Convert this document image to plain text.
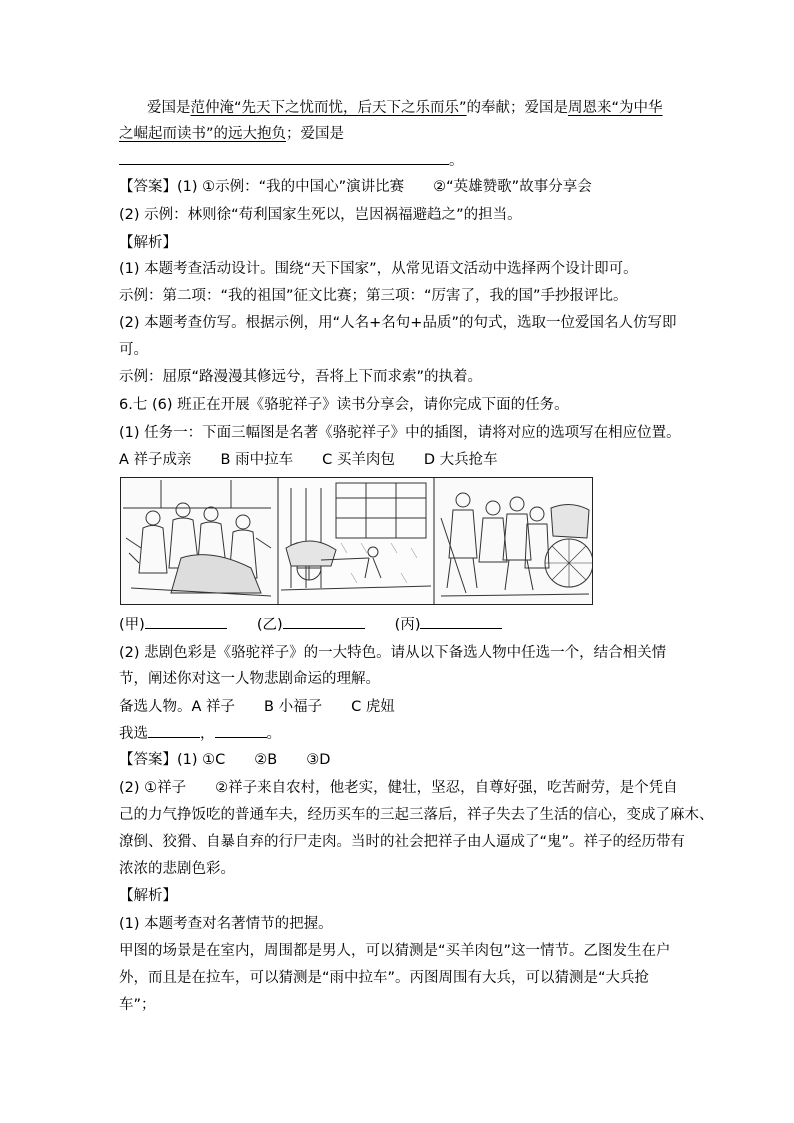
爱国是范仲淹“先天下之忧而忧，后天下之乐而乐”的奉献；爱国是周恩来“为中华
之崛起而读书”的远大抱负；爱国是
。
【答案】(1) ①示例：“我的中国心”演讲比赛　　②“英雄赞歌”故事分享会
(2) 示例：林则徐“苟利国家生死以，岂因祸福避趋之”的担当。
【解析】
(1) 本题考查活动设计。围绕“天下国家”，从常见语文活动中选择两个设计即可。
示例：第二项：“我的祖国”征文比赛；第三项：“厉害了，我的国”手抄报评比。
(2) 本题考查仿写。根据示例，用“人名+名句+品质”的句式，选取一位爱国名人仿写即
可。
示例：屈原“路漫漫其修远兮，吾将上下而求索”的执着。
6.七 (6) 班正在开展《骆驼祥子》读书分享会，请你完成下面的任务。
(1) 任务一：下面三幅图是名著《骆驼祥子》中的插图，请将对应的选项写在相应位置。
A 祥子成亲　　B 雨中拉车　　C 买羊肉包　　D 大兵抢车
(甲)	(乙)	(丙)
(2) 悲剧色彩是《骆驼祥子》的一大特色。请从以下备选人物中任选一个，结合相关情
节，阐述你对这一人物悲剧命运的理解。
备选人物。A 祥子　　B 小福子　　C 虎妞
我选	，	。
【答案】(1) ①C　　②B　　③D
(2) ①祥子　　②祥子来自农村，他老实，健壮，坚忍，自尊好强，吃苦耐劳，是个凭自
己的力气挣饭吃的普通车夫，经历买车的三起三落后，祥子失去了生活的信心，变成了麻木、
潦倒、狡猾、自暴自弃的行尸走肉。当时的社会把祥子由人逼成了“鬼”。祥子的经历带有
浓浓的悲剧色彩。
【解析】
(1) 本题考查对名著情节的把握。
甲图的场景是在室内，周围都是男人，可以猜测是“买羊肉包”这一情节。乙图发生在户
外，而且是在拉车，可以猜测是“雨中拉车”。丙图周围有大兵，可以猜测是“大兵抢
车”；
